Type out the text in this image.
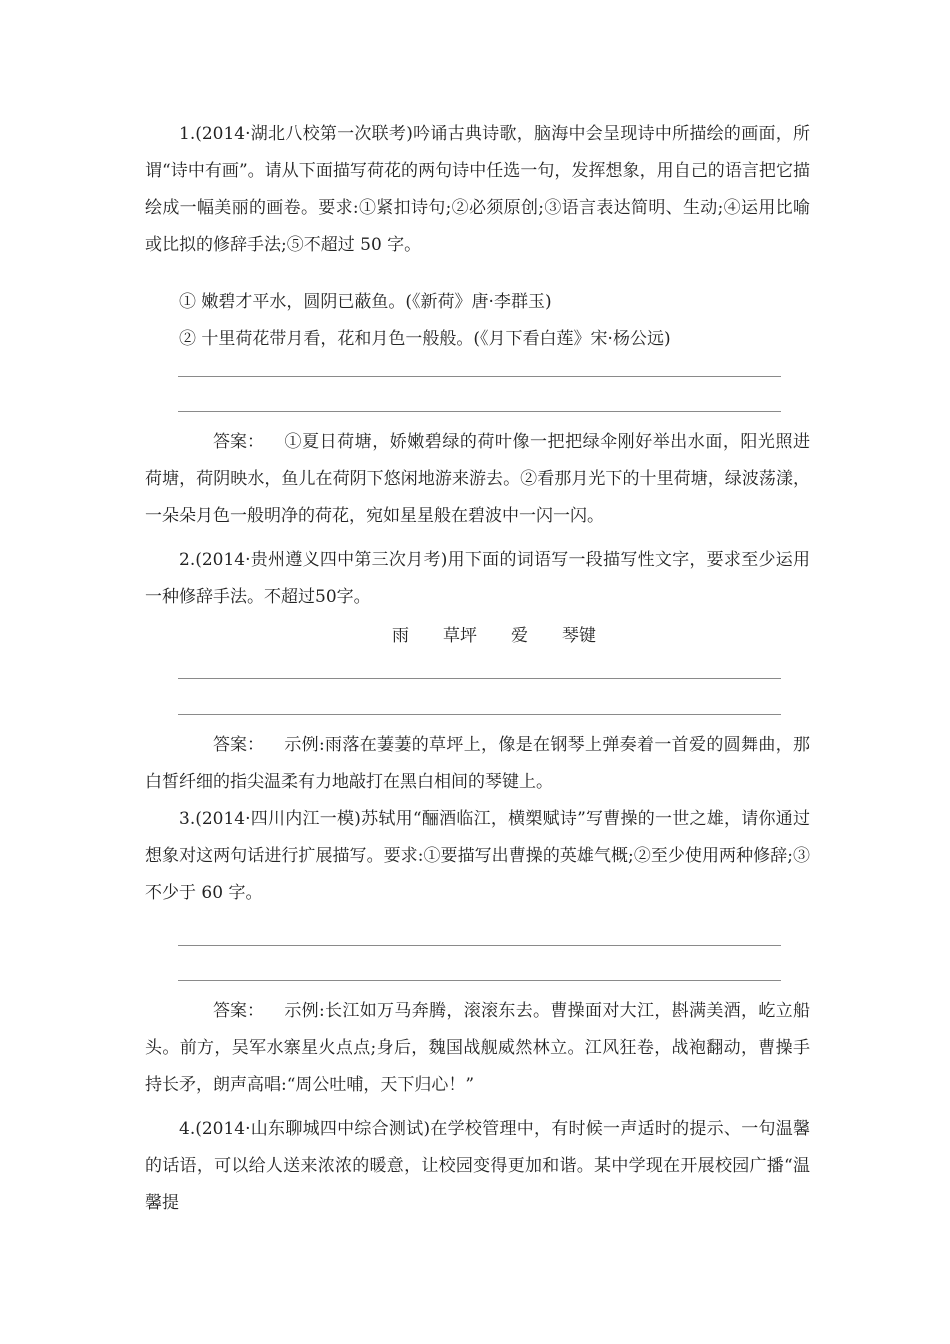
1.(2014·湖北八校第一次联考)吟诵古典诗歌，脑海中会呈现诗中所描绘的画面，所谓“诗中有画”。请从下面描写荷花的两句诗中任选一句，发挥想象，用自己的语言把它描绘成一幅美丽的画卷。要求:①紧扣诗句;②必须原创;③语言表达简明、生动;④运用比喻或比拟的修辞手法;⑤不超过 50 字。

① 嫩碧才平水，圆阴已蔽鱼。(《新荷》唐·李群玉)

② 十里荷花带月看，花和月色一般般。(《月下看白莲》宋·杨公远)

答案： ①夏日荷塘，娇嫩碧绿的荷叶像一把把绿伞刚好举出水面，阳光照进荷塘，荷阴映水，鱼儿在荷阴下悠闲地游来游去。②看那月光下的十里荷塘，绿波荡漾，一朵朵月色一般明净的荷花，宛如星星般在碧波中一闪一闪。

2.(2014·贵州遵义四中第三次月考)用下面的词语写一段描写性文字，要求至少运用一种修辞手法。不超过50字。

雨 草坪 爱 琴键

答案： 示例:雨落在萋萋的草坪上，像是在钢琴上弹奏着一首爱的圆舞曲，那白皙纤细的指尖温柔有力地敲打在黑白相间的琴键上。

3.(2014·四川内江一模)苏轼用“酾酒临江，横槊赋诗”写曹操的一世之雄，请你通过想象对这两句话进行扩展描写。要求:①要描写出曹操的英雄气概;②至少使用两种修辞;③不少于 60 字。

答案： 示例:长江如万马奔腾，滚滚东去。曹操面对大江，斟满美酒，屹立船头。前方，吴军水寨星火点点;身后，魏国战舰威然林立。江风狂卷，战袍翻动，曹操手持长矛，朗声高唱:“周公吐哺，天下归心！”

4.(2014·山东聊城四中综合测试)在学校管理中，有时候一声适时的提示、一句温馨的话语，可以给人送来浓浓的暖意，让校园变得更加和谐。某中学现在开展校园广播“温馨提
